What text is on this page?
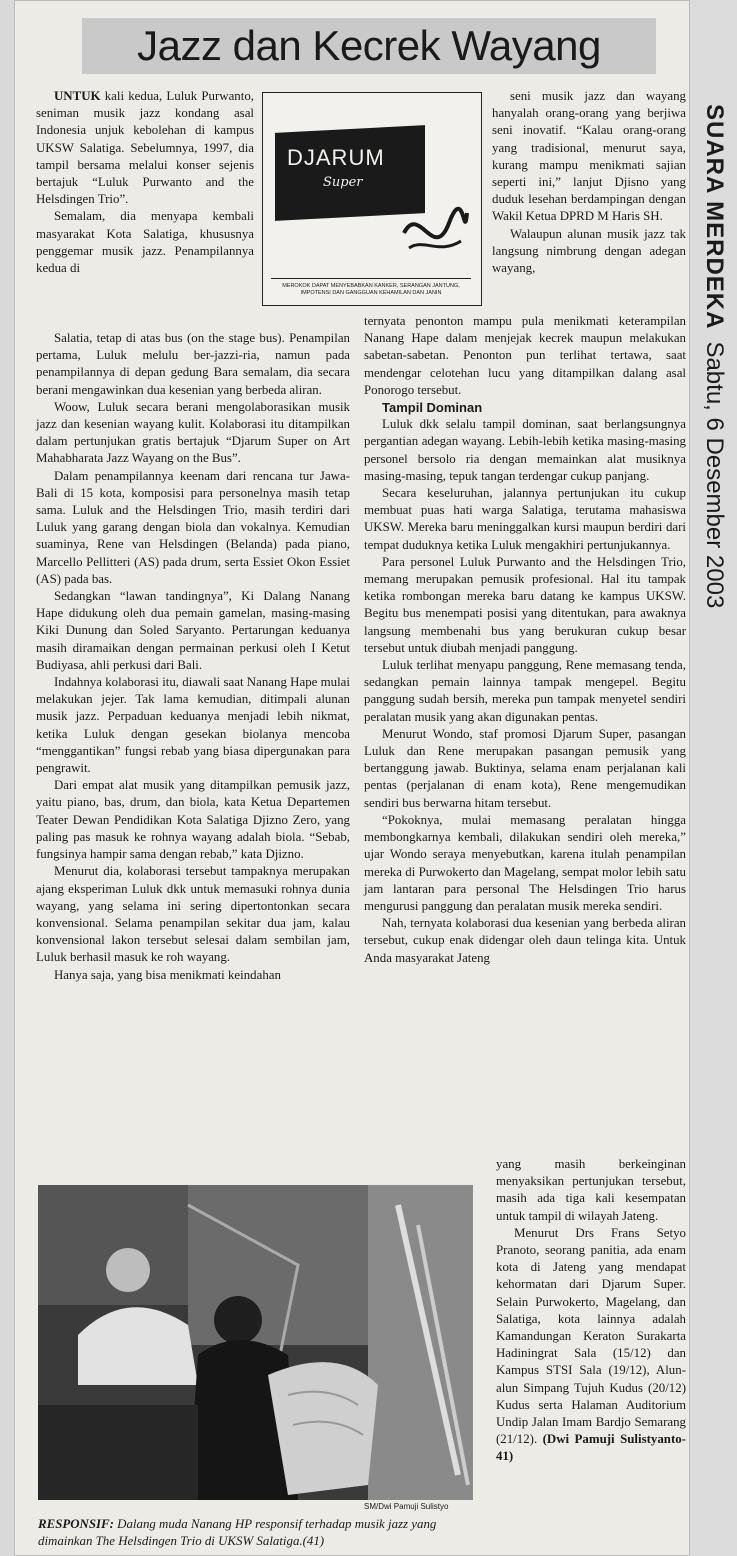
Jazz dan Kecrek Wayang

UNTUK kali kedua, Luluk Purwanto, seniman musik jazz kondang asal Indonesia unjuk kebolehan di kampus UKSW Salatiga. Sebelumnya, 1997, dia tampil bersama melalui konser sejenis bertajuk “Luluk Purwanto and the Helsdingen Trio”.

Semalam, dia menyapa kembali masyarakat Kota Salatiga, khususnya penggemar musik jazz. Penampilannya kedua di

DJARUM
Super
MEROKOK DAPAT MENYEBABKAN KANKER, SERANGAN JANTUNG, IMPOTENSI DAN GANGGUAN KEHAMILAN DAN JANIN

seni musik jazz dan wayang hanyalah orang-orang yang berjiwa seni inovatif. “Kalau orang-orang yang tradisional, menurut saya, kurang mampu menikmati sajian seperti ini,” lanjut Djisno yang duduk lesehan berdampingan dengan Wakil Ketua DPRD M Haris SH.

Walaupun alunan musik jazz tak langsung nimbrung dengan adegan wayang,

Salatia, tetap di atas bus (on the stage bus). Penampilan pertama, Luluk melulu ber-jazzi-ria, namun pada penampilannya di depan gedung Bara semalam, dia secara berani mengawinkan dua kesenian yang berbeda aliran.

Woow, Luluk secara berani mengolaborasikan musik jazz dan kesenian wayang kulit. Kolaborasi itu ditampilkan dalam pertunjukan gratis bertajuk “Djarum Super on Art Mahabharata Jazz Wayang on the Bus”.

Dalam penampilannya keenam dari rencana tur Jawa-Bali di 15 kota, komposisi para personelnya masih tetap sama. Luluk and the Helsdingen Trio, masih terdiri dari Luluk yang garang dengan biola dan vokalnya. Kemudian suaminya, Rene van Helsdingen (Belanda) pada piano, Marcello Pellitteri (AS) pada drum, serta Essiet Okon Essiet (AS) pada bas.

Sedangkan “lawan tandingnya”, Ki Dalang Nanang Hape didukung oleh dua pemain gamelan, masing-masing Kiki Dunung dan Soled Saryanto. Pertarungan keduanya masih diramaikan dengan permainan perkusi oleh I Ketut Budiyasa, ahli perkusi dari Bali.

Indahnya kolaborasi itu, diawali saat Nanang Hape mulai melakukan jejer. Tak lama kemudian, ditimpali alunan musik jazz. Perpaduan keduanya menjadi lebih nikmat, ketika Luluk dengan gesekan biolanya mencoba “menggantikan” fungsi rebab yang biasa dipergunakan para pengrawit.

Dari empat alat musik yang ditampilkan pemusik jazz, yaitu piano, bas, drum, dan biola, kata Ketua Departemen Teater Dewan Pendidikan Kota Salatiga Djizno Zero, yang paling pas masuk ke rohnya wayang adalah biola. “Sebab, fungsinya hampir sama dengan rebab,” kata Djizno.

Menurut dia, kolaborasi tersebut tampaknya merupakan ajang eksperiman Luluk dkk untuk memasuki rohnya dunia wayang, yang selama ini sering dipertontonkan secara konvensional. Selama penampilan sekitar dua jam, kalau konvensional lakon tersebut selesai dalam sembilan jam, Luluk berhasil masuk ke roh wayang.

Hanya saja, yang bisa menikmati keindahan

ternyata penonton mampu pula menikmati keterampilan Nanang Hape dalam menjejak kecrek maupun melakukan sabetan-sabetan. Penonton pun terlihat tertawa, saat mendengar celotehan lucu yang ditampilkan dalang asal Ponorogo tersebut.

Tampil Dominan

Luluk dkk selalu tampil dominan, saat berlangsungnya pergantian adegan wayang. Lebih-lebih ketika masing-masing personel bersolo ria dengan memainkan alat musiknya masing-masing, tepuk tangan terdengar cukup panjang.

Secara keseluruhan, jalannya pertunjukan itu cukup membuat puas hati warga Salatiga, terutama mahasiswa UKSW. Mereka baru meninggalkan kursi maupun berdiri dari tempat duduknya ketika Luluk mengakhiri pertunjukannya.

Para personel Luluk Purwanto and the Helsdingen Trio, memang merupakan pemusik profesional. Hal itu tampak ketika rombongan mereka baru datang ke kampus UKSW. Begitu bus menempati posisi yang ditentukan, para awaknya langsung membenahi bus yang berukuran cukup besar tersebut untuk diubah menjadi panggung.

Luluk terlihat menyapu panggung, Rene memasang tenda, sedangkan pemain lainnya tampak mengepel. Begitu panggung sudah bersih, mereka pun tampak menyetel sendiri peralatan musik yang akan digunakan pentas.

Menurut Wondo, staf promosi Djarum Super, pasangan Luluk dan Rene merupakan pasangan pemusik yang bertanggung jawab. Buktinya, selama enam perjalanan kali pentas (perjalanan di enam kota), Rene mengemudikan sendiri bus berwarna hitam tersebut.

“Pokoknya, mulai memasang peralatan hingga membongkarnya kembali, dilakukan sendiri oleh mereka,” ujar Wondo seraya menyebutkan, karena itulah penampilan mereka di Purwokerto dan Magelang, sempat molor lebih satu jam lantaran para personal The Helsdingen Trio harus mengurusi panggung dan peralatan musik mereka sendiri.

Nah, ternyata kolaborasi dua kesenian yang berbeda aliran tersebut, cukup enak didengar oleh daun telinga kita. Untuk Anda masyarakat Jateng

SM/Dwi Pamuji Sulistyo
RESPONSIF: Dalang muda Nanang HP responsif terhadap musik jazz yang dimainkan The Helsdingen Trio di UKSW Salatiga.(41)

yang masih berkeinginan menyaksikan pertunjukan tersebut, masih ada tiga kali kesempatan untuk tampil di wilayah Jateng.

Menurut Drs Frans Setyo Pranoto, seorang panitia, ada enam kota di Jateng yang mendapat kehormatan dari Djarum Super. Selain Purwokerto, Magelang, dan Salatiga, kota lainnya adalah Kamandungan Keraton Surakarta Hadiningrat Sala (15/12) dan Kampus STSI Sala (19/12), Alun-alun Simpang Tujuh Kudus (20/12) Kudus serta Halaman Auditorium Undip Jalan Imam Bardjo Semarang (21/12). (Dwi Pamuji Sulistyanto-41)

SUARA MERDEKA Sabtu, 6 Desember 2003
